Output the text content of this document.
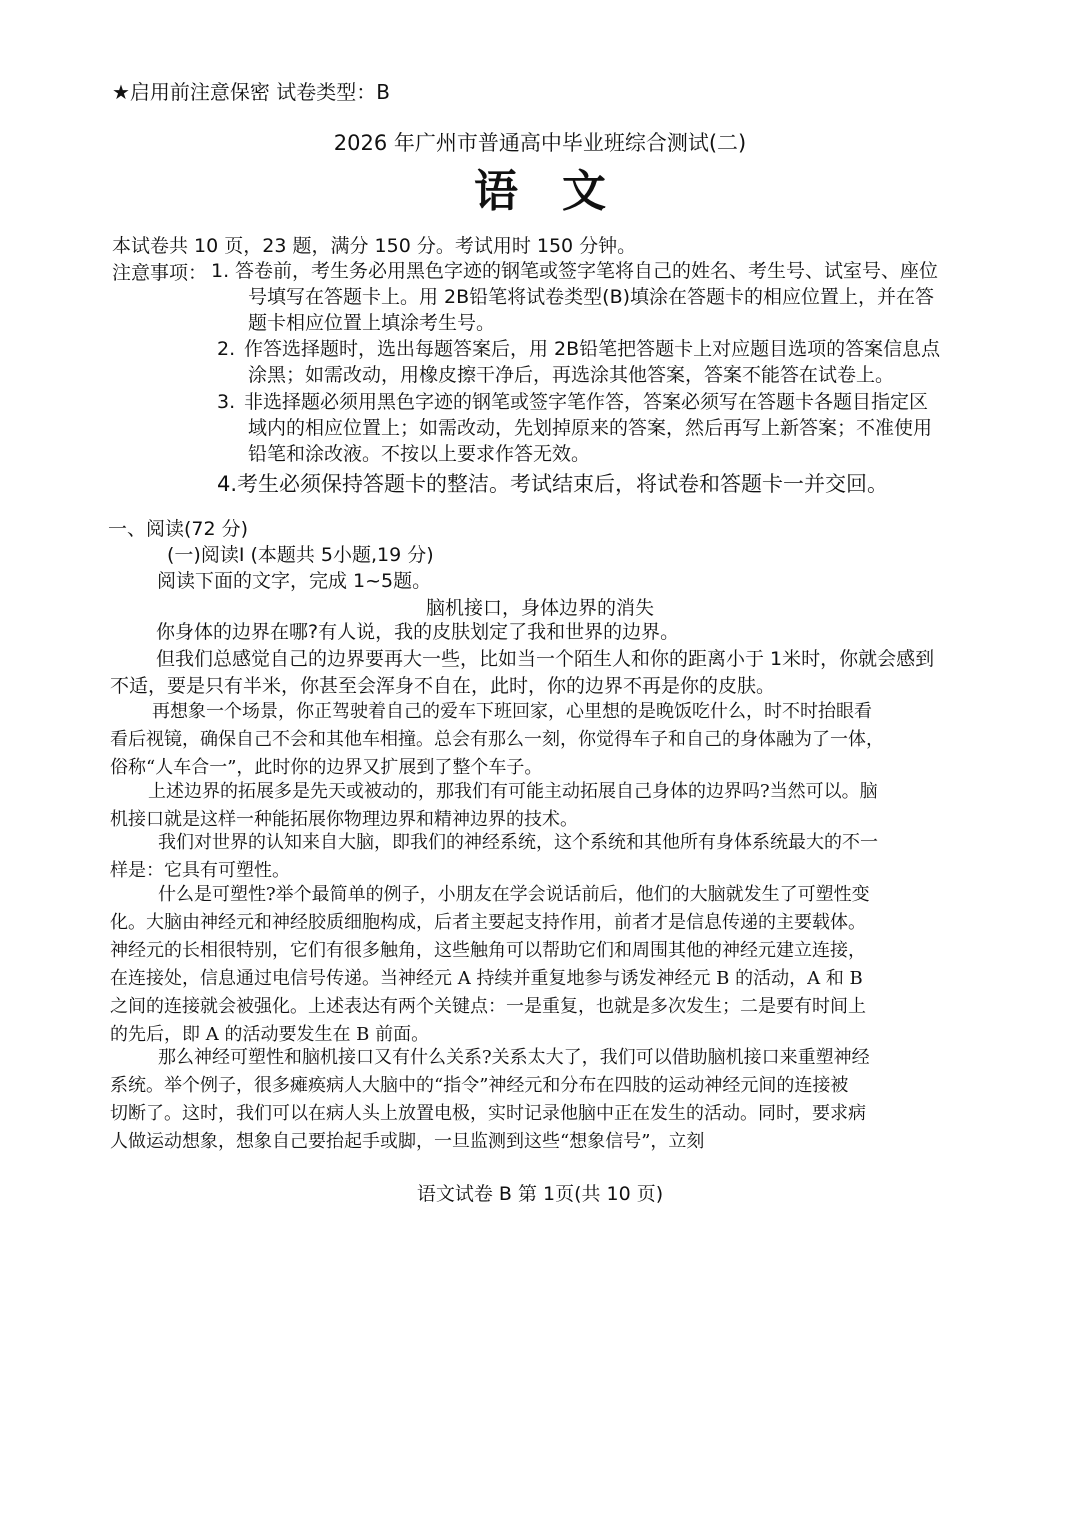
★启用前注意保密 试卷类型：B
2026 年广州市普通高中毕业班综合测试(二)
语文
本试卷共 10 页，23 题，满分 150 分。考试用时 150 分钟。
注意事项： 1. 答卷前，考生务必用黑色字迹的钢笔或签字笔将自己的姓名、考生号、试室号、座位
号填写在答题卡上。用 2B铅笔将试卷类型(B)填涂在答题卡的相应位置上，并在答
题卡相应位置上填涂考生号。
2. 作答选择题时，选出每题答案后，用 2B铅笔把答题卡上对应题目选项的答案信息点
涂黑；如需改动，用橡皮擦干净后，再选涂其他答案，答案不能答在试卷上。
3. 非选择题必须用黑色字迹的钢笔或签字笔作答，答案必须写在答题卡各题目指定区
域内的相应位置上；如需改动，先划掉原来的答案，然后再写上新答案；不准使用
铅笔和涂改液。不按以上要求作答无效。
4.考生必须保持答题卡的整洁。考试结束后，将试卷和答题卡一并交回。
一、阅读(72 分)
(一)阅读Ⅰ (本题共 5小题,19 分)
阅读下面的文字，完成 1~5题。
脑机接口，身体边界的消失
你身体的边界在哪?有人说，我的皮肤划定了我和世界的边界。
但我们总感觉自己的边界要再大一些，比如当一个陌生人和你的距离小于 1米时，你就会感到
不适，要是只有半米，你甚至会浑身不自在，此时，你的边界不再是你的皮肤。
再想象一个场景，你正驾驶着自己的爱车下班回家，心里想的是晚饭吃什么，时不时抬眼看
看后视镜，确保自己不会和其他车相撞。总会有那么一刻，你觉得车子和自己的身体融为了一体，
俗称“人车合一”，此时你的边界又扩展到了整个车子。
上述边界的拓展多是先天或被动的，那我们有可能主动拓展自己身体的边界吗?当然可以。脑
机接口就是这样一种能拓展你物理边界和精神边界的技术。
我们对世界的认知来自大脑，即我们的神经系统，这个系统和其他所有身体系统最大的不一
样是：它具有可塑性。
什么是可塑性?举个最简单的例子，小朋友在学会说话前后，他们的大脑就发生了可塑性变
化。大脑由神经元和神经胶质细胞构成，后者主要起支持作用，前者才是信息传递的主要载体。
神经元的长相很特别，它们有很多触角，这些触角可以帮助它们和周围其他的神经元建立连接，
在连接处，信息通过电信号传递。当神经元 A 持续并重复地参与诱发神经元 B 的活动，A 和 B
之间的连接就会被强化。上述表达有两个关键点：一是重复，也就是多次发生；二是要有时间上
的先后，即 A 的活动要发生在 B 前面。
那么神经可塑性和脑机接口又有什么关系?关系太大了，我们可以借助脑机接口来重塑神经
系统。举个例子，很多瘫痪病人大脑中的“指令”神经元和分布在四肢的运动神经元间的连接被
切断了。这时，我们可以在病人头上放置电极，实时记录他脑中正在发生的活动。同时，要求病
人做运动想象，想象自己要抬起手或脚，一旦监测到这些“想象信号”，立刻
语文试卷 B 第 1页(共 10 页)
